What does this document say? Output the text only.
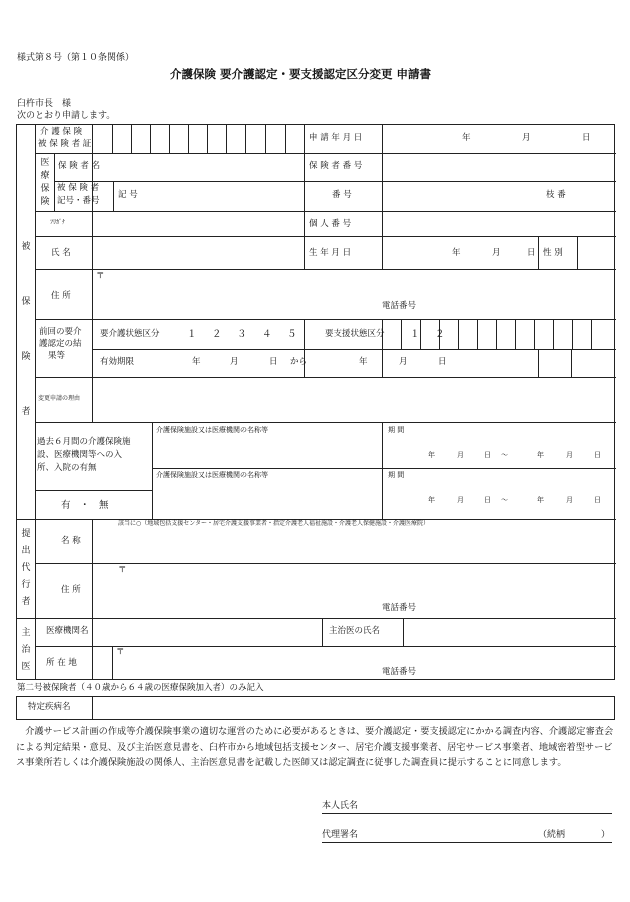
様式第８号（第１０条関係）
介護保険 要介護認定・要支援認定区分変更 申請書
臼杵市長　様
次のとおり申請します。
介 護 保 険
被 保 険 者 証
申 請 年 月 日	年	月	日
医療保険
保 険 者 名	保 険 者 番 号
被 保 険 者
記号・番号
記 号	番 号	枝 番
被保険者
ﾌﾘｶﾞﾅ	個 人 番 号
氏 名	生 年 月 日	年	月	日 性 別
住 所
〒
電話番号
前回の要介
護認定の結
果等
要介護状態区分	１　２　３　４　５	要支援状態区分	１　２
有効期限	年	月	日 から	年	月	日
変更申請の理由
過去６月間の介護保険施
設、医療機関等への入
所、入院の有無
有　・　無
介護保険施設又は医療機関の名称等	期 間
年	月	日 ～	年	月	日
介護保険施設又は医療機関の名称等	期 間
年	月	日 ～	年	月	日
提出代行者
該当に○（地域包括支援センター・居宅介護支援事業者・指定介護老人福祉施設・介護老人保健施設・介護医療院）
名 称
住 所
〒
電話番号
主治医
医療機関名	主治医の氏名
所 在 地
〒
電話番号
第二号被保険者（４０歳から６４歳の医療保険加入者）のみ記入
特定疾病名
介護サービス計画の作成等介護保険事業の適切な運営のために必要があるときは、要介護認定・要支援認定にかかる調査内容、介護認定審査会による判定結果・意見、及び主治医意見書を、臼杵市から地域包括支援センター、居宅介護支援事業者、居宅サービス事業者、地域密着型サービス事業所若しくは介護保険施設の関係人、主治医意見書を記載した医師又は認定調査に従事した調査員に提示することに同意します。
本人氏名
代理署名	（続柄　　　　）
